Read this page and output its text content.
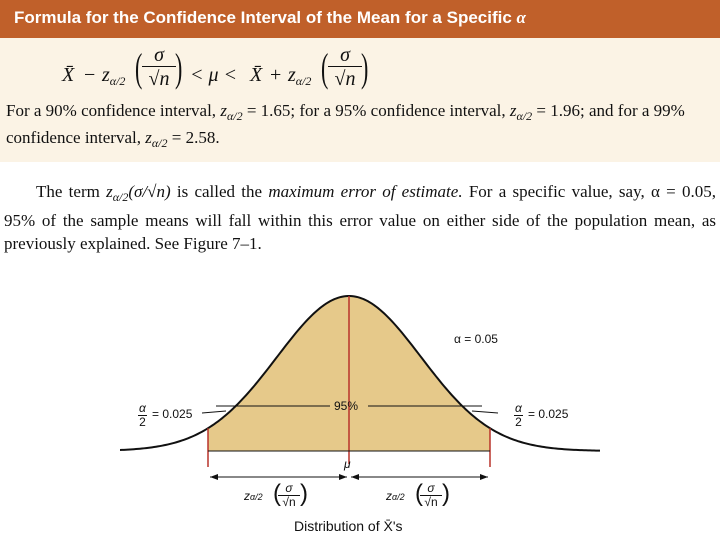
Formula for the Confidence Interval of the Mean for a Specific α
X̄ − $z_{\alpha/2}$ ( $\frac{\sigma}{√n}$
) < μ < X̄ + $z_{\alpha/2}$ ( $\frac{\sigma}{√n}$
)
For a 90% confidence interval, $z_{\alpha/2} = 1.65$; for a 95% confidence interval, $z_{\alpha/2} = 1.96$; and for a 99% confidence interval, $z_{\alpha/2} = 2.58$.
The term $z_{\alpha/2}(\sigma/√n)$ is called the maximum error of estimate. For a specific value, say, α = 0.05, 95% of the sample means will fall within this error value on either side of the population mean, as previously explained. See Figure 7–1.
α = 0.05
95%
$\frac{\alpha}{2} = 0.025$	$\frac{\alpha}{2} = 0.025$
μ
$z\alpha/2 \frac{\sigma}{√n}$
( )	$z\alpha/2 \frac{\sigma}{√n}$
( )
Distribution of X̄'s
